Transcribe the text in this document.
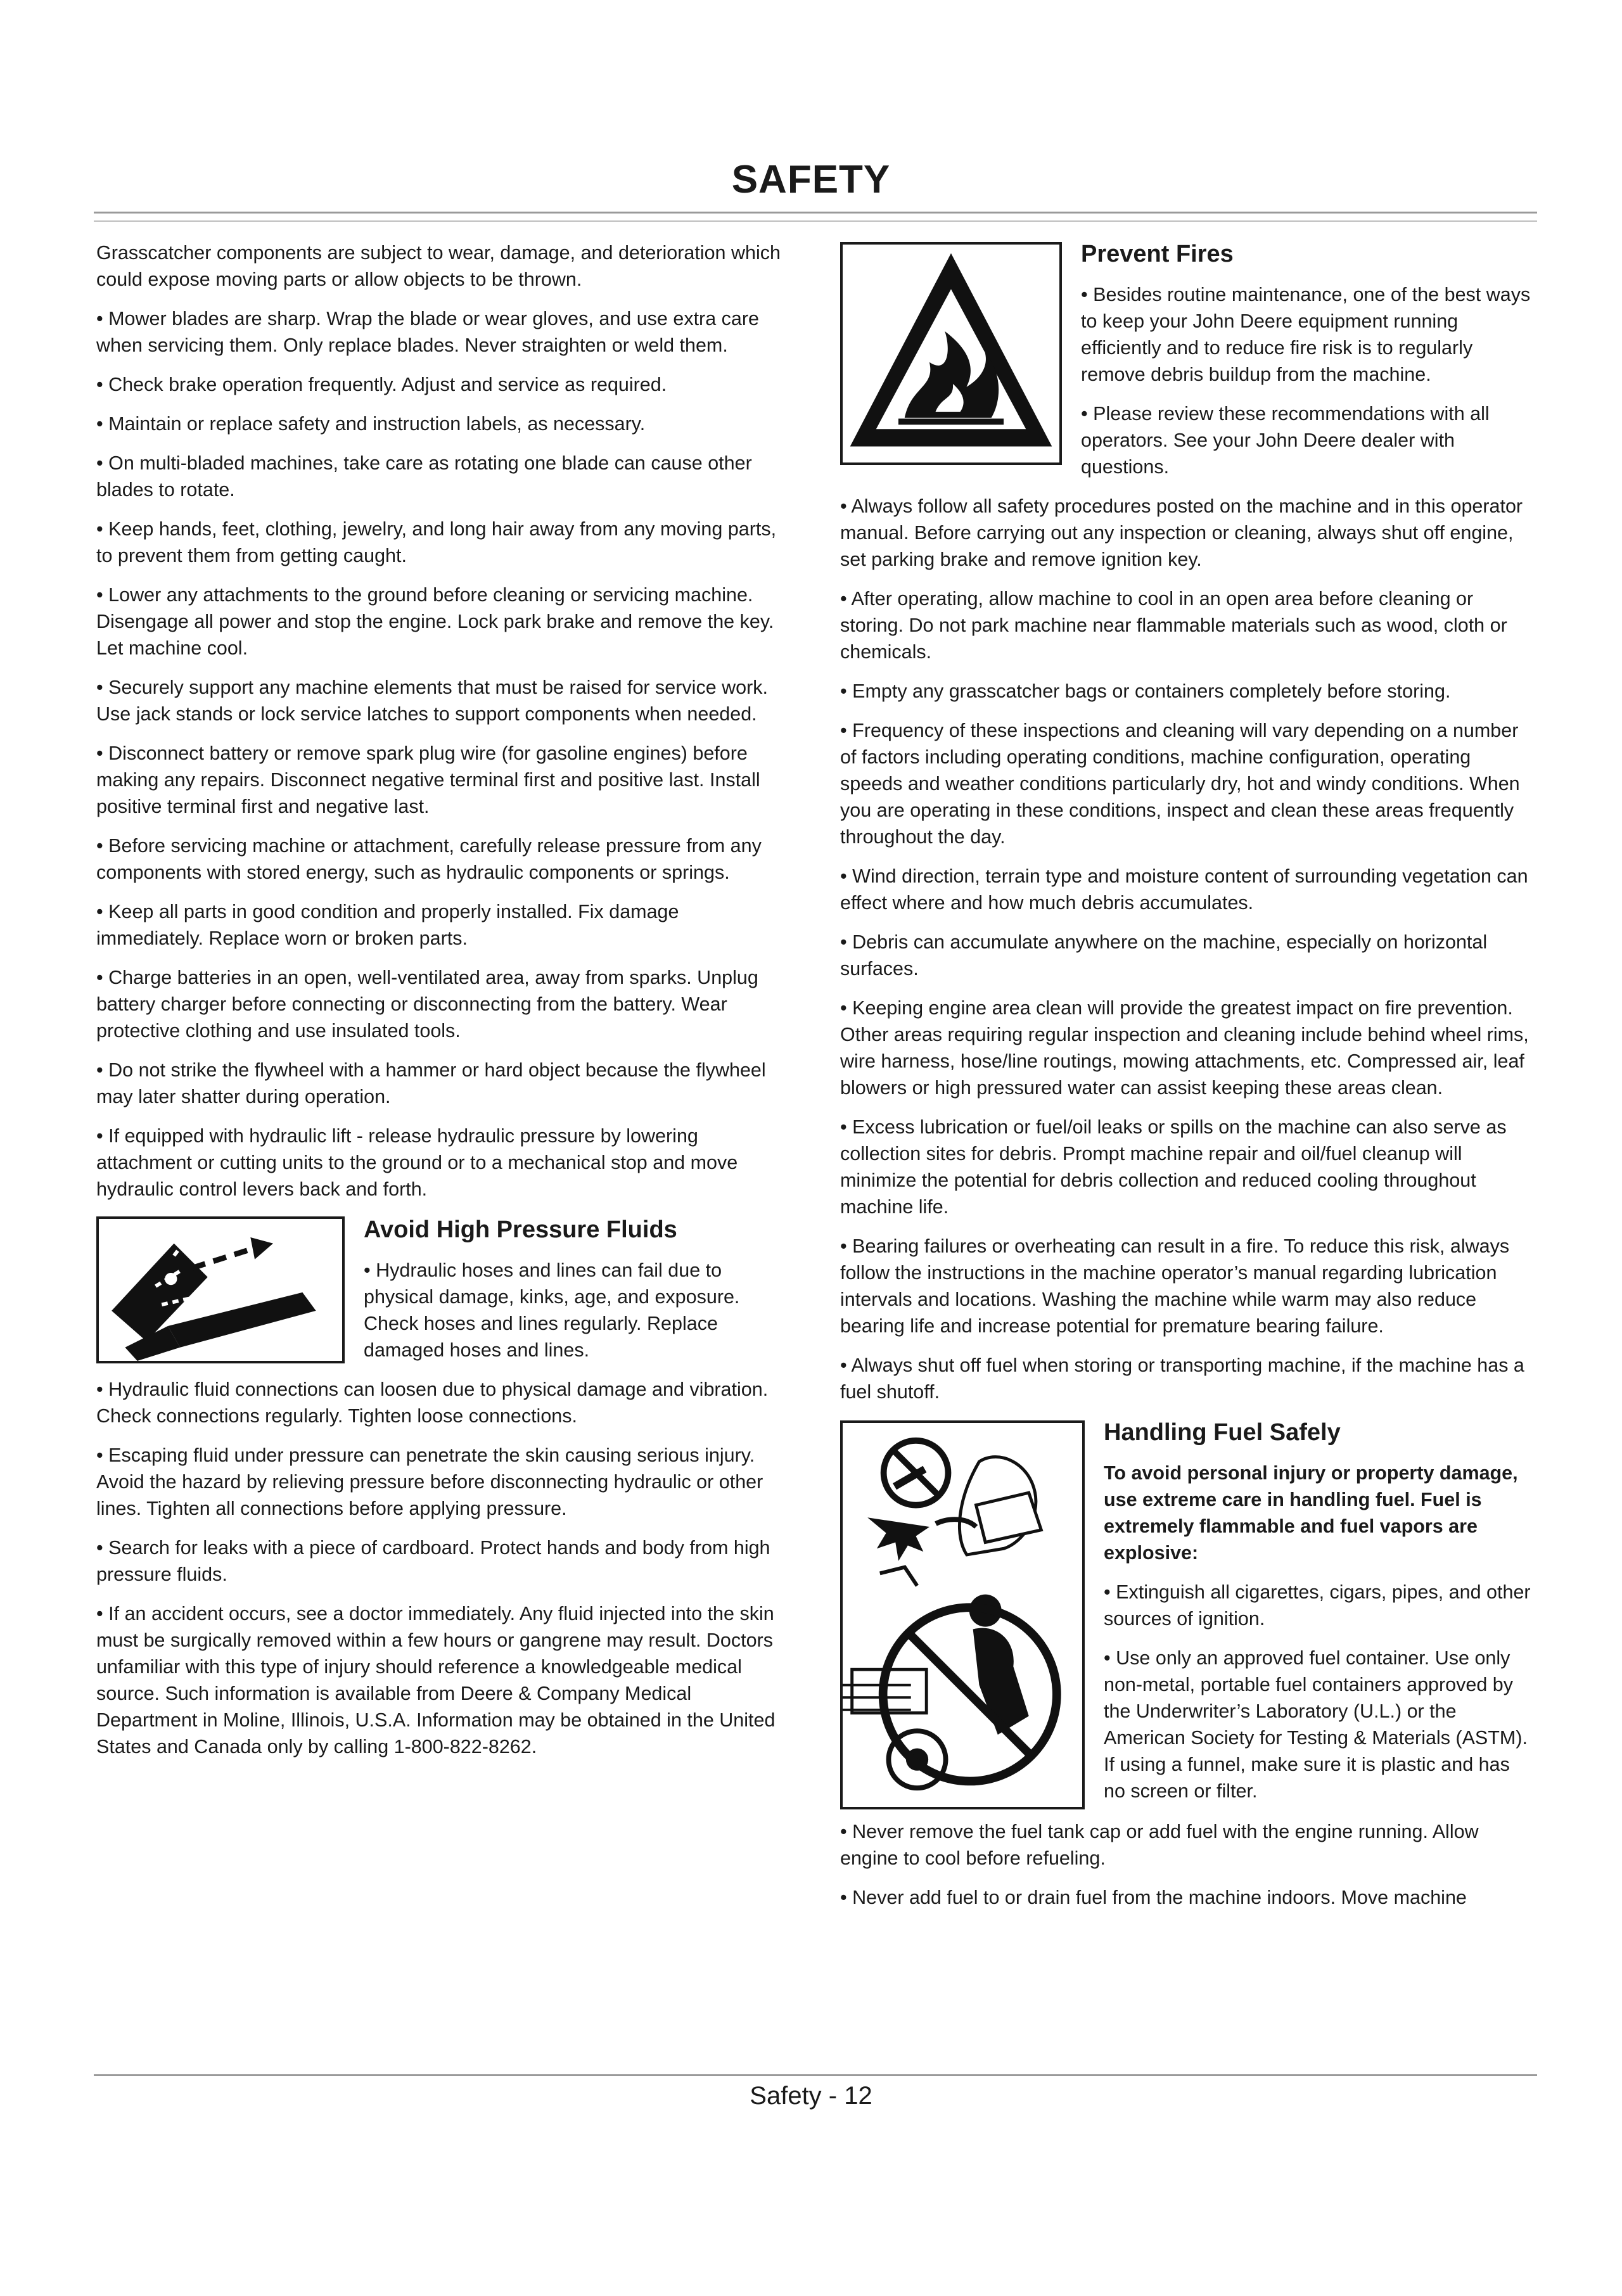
SAFETY

Grasscatcher components are subject to wear, damage, and deterioration which could expose moving parts or allow objects to be thrown.

• Mower blades are sharp. Wrap the blade or wear gloves, and use extra care when servicing them. Only replace blades. Never straighten or weld them.

• Check brake operation frequently. Adjust and service as required.

• Maintain or replace safety and instruction labels, as necessary.

• On multi-bladed machines, take care as rotating one blade can cause other blades to rotate.

• Keep hands, feet, clothing, jewelry, and long hair away from any moving parts, to prevent them from getting caught.

• Lower any attachments to the ground before cleaning or servicing machine. Disengage all power and stop the engine. Lock park brake and remove the key. Let machine cool.

• Securely support any machine elements that must be raised for service work. Use jack stands or lock service latches to support components when needed.

• Disconnect battery or remove spark plug wire (for gasoline engines) before making any repairs. Disconnect negative terminal first and positive last. Install positive terminal first and negative last.

• Before servicing machine or attachment, carefully release pressure from any components with stored energy, such as hydraulic components or springs.

• Keep all parts in good condition and properly installed. Fix damage immediately. Replace worn or broken parts.

• Charge batteries in an open, well-ventilated area, away from sparks. Unplug battery charger before connecting or disconnecting from the battery. Wear protective clothing and use insulated tools.

• Do not strike the flywheel with a hammer or hard object because the flywheel may later shatter during operation.

• If equipped with hydraulic lift - release hydraulic pressure by lowering attachment or cutting units to the ground or to a mechanical stop and move hydraulic control levers back and forth.

Avoid High Pressure Fluids

• Hydraulic hoses and lines can fail due to physical damage, kinks, age, and exposure. Check hoses and lines regularly. Replace damaged hoses and lines.

• Hydraulic fluid connections can loosen due to physical damage and vibration. Check connections regularly. Tighten loose connections.

• Escaping fluid under pressure can penetrate the skin causing serious injury. Avoid the hazard by relieving pressure before disconnecting hydraulic or other lines. Tighten all connections before applying pressure.

• Search for leaks with a piece of cardboard. Protect hands and body from high pressure fluids.

• If an accident occurs, see a doctor immediately. Any fluid injected into the skin must be surgically removed within a few hours or gangrene may result. Doctors unfamiliar with this type of injury should reference a knowledgeable medical source. Such information is available from Deere & Company Medical Department in Moline, Illinois, U.S.A. Information may be obtained in the United States and Canada only by calling 1-800-822-8262.

Prevent Fires

• Besides routine maintenance, one of the best ways to keep your John Deere equipment running efficiently and to reduce fire risk is to regularly remove debris buildup from the machine.

• Please review these recommendations with all operators. See your John Deere dealer with questions.

• Always follow all safety procedures posted on the machine and in this operator manual. Before carrying out any inspection or cleaning, always shut off engine, set parking brake and remove ignition key.

• After operating, allow machine to cool in an open area before cleaning or storing. Do not park machine near flammable materials such as wood, cloth or chemicals.

• Empty any grasscatcher bags or containers completely before storing.

• Frequency of these inspections and cleaning will vary depending on a number of factors including operating conditions, machine configuration, operating speeds and weather conditions particularly dry, hot and windy conditions. When you are operating in these conditions, inspect and clean these areas frequently throughout the day.

• Wind direction, terrain type and moisture content of surrounding vegetation can effect where and how much debris accumulates.

• Debris can accumulate anywhere on the machine, especially on horizontal surfaces.

• Keeping engine area clean will provide the greatest impact on fire prevention. Other areas requiring regular inspection and cleaning include behind wheel rims, wire harness, hose/line routings, mowing attachments, etc. Compressed air, leaf blowers or high pressured water can assist keeping these areas clean.

• Excess lubrication or fuel/oil leaks or spills on the machine can also serve as collection sites for debris. Prompt machine repair and oil/fuel cleanup will minimize the potential for debris collection and reduced cooling throughout machine life.

• Bearing failures or overheating can result in a fire. To reduce this risk, always follow the instructions in the machine operator’s manual regarding lubrication intervals and locations. Washing the machine while warm may also reduce bearing life and increase potential for premature bearing failure.

• Always shut off fuel when storing or transporting machine, if the machine has a fuel shutoff.

Handling Fuel Safely

To avoid personal injury or property damage, use extreme care in handling fuel. Fuel is extremely flammable and fuel vapors are explosive:

• Extinguish all cigarettes, cigars, pipes, and other sources of ignition.

• Use only an approved fuel container. Use only non-metal, portable fuel containers approved by the Underwriter’s Laboratory (U.L.) or the American Society for Testing & Materials (ASTM). If using a funnel, make sure it is plastic and has no screen or filter.

• Never remove the fuel tank cap or add fuel with the engine running. Allow engine to cool before refueling.

• Never add fuel to or drain fuel from the machine indoors. Move machine

Safety - 12
